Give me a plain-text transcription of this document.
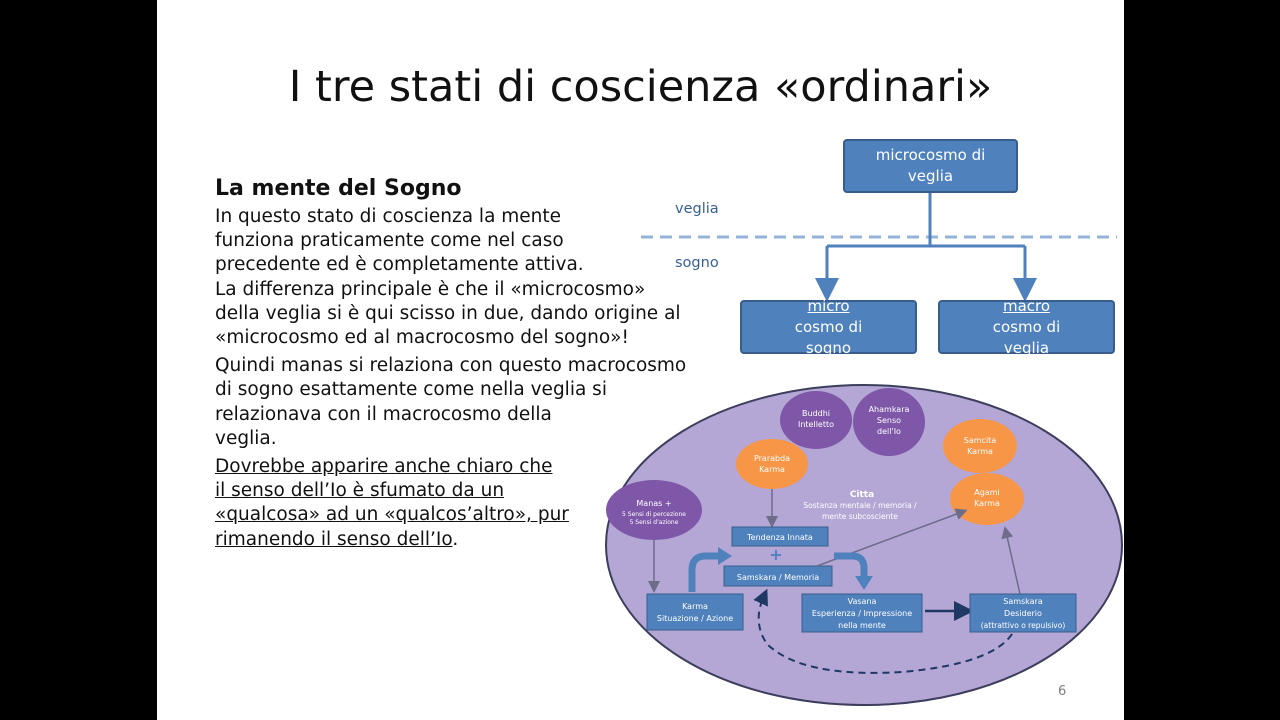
I tre stati di coscienza «ordinari»
La mente del Sogno

In questo stato di coscienza la mente
funziona praticamente come nel caso
precedente ed è completamente attiva.
La differenza principale è che il «microcosmo»
della veglia si è qui scisso in due, dando origine al
«microcosmo ed al macrocosmo del sogno»!

Quindi manas si relaziona con questo macrocosmo
di sogno esattamente come nella veglia si
relazionava con il macrocosmo della
veglia.

Dovrebbe apparire anche chiaro che
il senso dell’Io è sfumato da un
«qualcosa» ad un «qualcos’altro», pur
rimanendo il senso dell’Io.

microcosmo di
veglia
veglia
sogno
micro
cosmo di
sogno
macro
cosmo di
veglia
Buddhi
Intelletto
Ahamkara
Senso
dell'Io
Prarabda
Karma
Samcita
Karma
Agami
Karma
Manas +
5 Sensi di percezione
5 Sensi d'azione
Citta
Sostanza mentale / memoria /
mente subcosciente
Tendenza Innata
+
Samskara / Memoria
Karma
Situazione / Azione
Vasana
Esperienza / Impressione
nella mente
Samskara
Desiderio
(attrattivo o repulsivo)
6
